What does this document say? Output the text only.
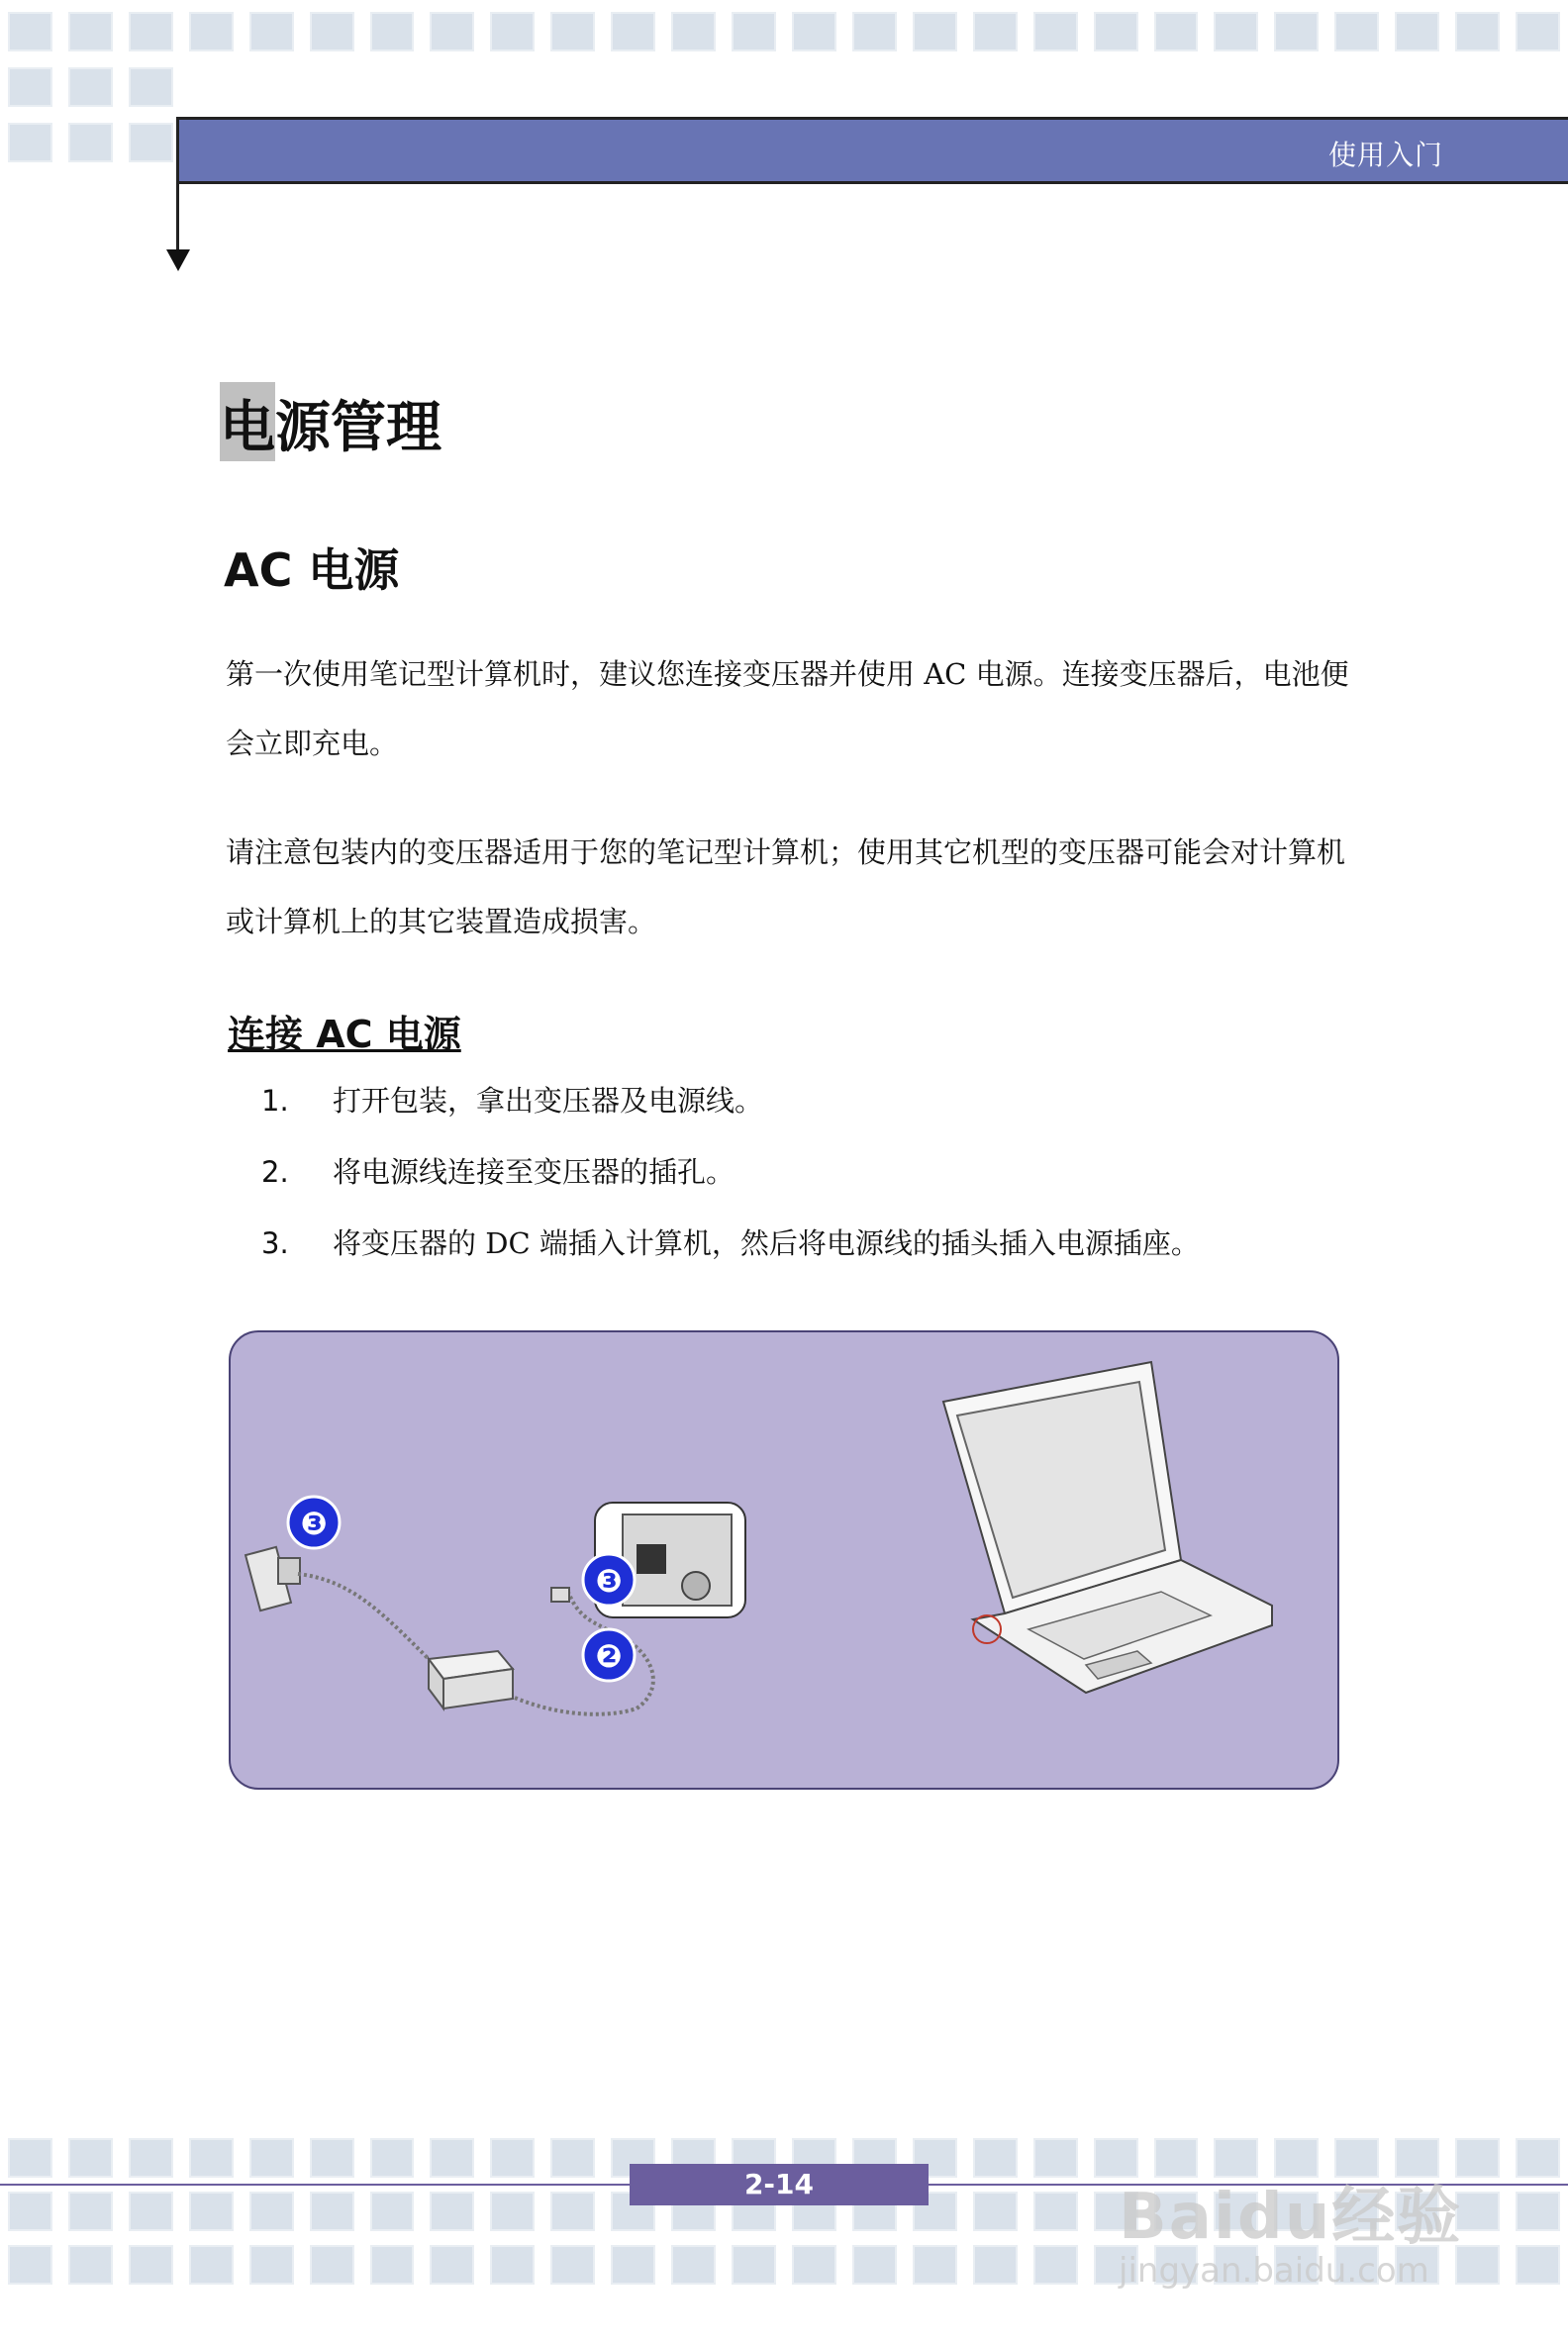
使用入门
电源管理
AC 电源

第一次使用笔记型计算机时，建议您连接变压器并使用 AC 电源。连接变压器后，电池便会立即充电。

请注意包装内的变压器适用于您的笔记型计算机；使用其它机型的变压器可能会对计算机或计算机上的其它装置造成损害。

连接 AC 电源
1. 打开包装，拿出变压器及电源线。
2. 将电源线连接至变压器的插孔。
3. 将变压器的 DC 端插入计算机，然后将电源线的插头插入电源插座。
❸
❸
❷
2-14	Baidu经验
jingyan.baidu.com
